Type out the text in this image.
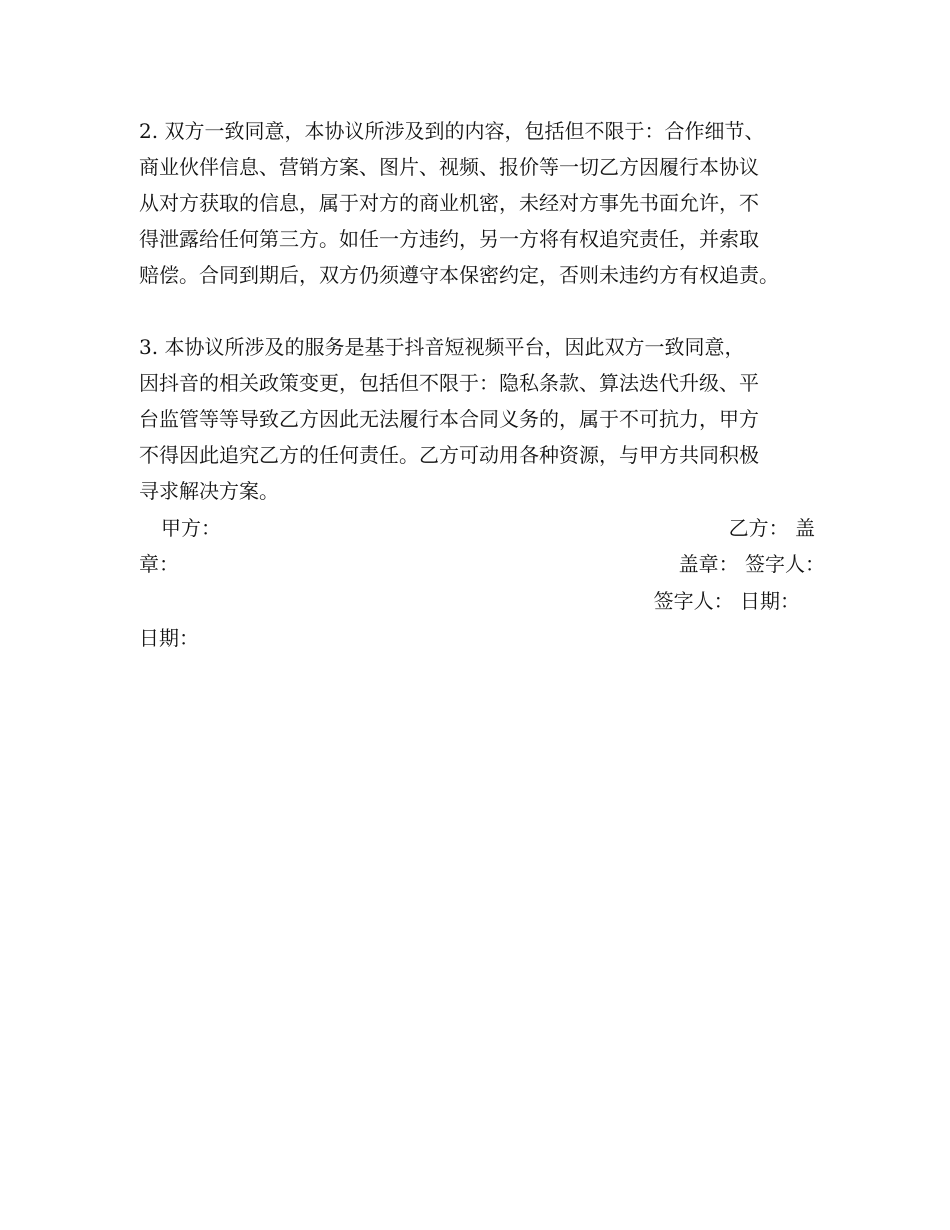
2. 双方一致同意，本协议所涉及到的内容，包括但不限于：合作细节、
商业伙伴信息、营销方案、图片、视频、报价等一切乙方因履行本协议
从对方获取的信息，属于对方的商业机密，未经对方事先书面允许，不
得泄露给任何第三方。如任一方违约，另一方将有权追究责任，并索取
赔偿。合同到期后，双方仍须遵守本保密约定，否则未违约方有权追责。
3. 本协议所涉及的服务是基于抖音短视频平台，因此双方一致同意，
因抖音的相关政策变更，包括但不限于：隐私条款、算法迭代升级、平
台监管等等导致乙方因此无法履行本合同义务的，属于不可抗力，甲方
不得因此追究乙方的任何责任。乙方可动用各种资源，与甲方共同积极
寻求解决方案。
甲方：	乙方： 盖
章：	盖章： 签字人：
签字人： 日期：
日期：
